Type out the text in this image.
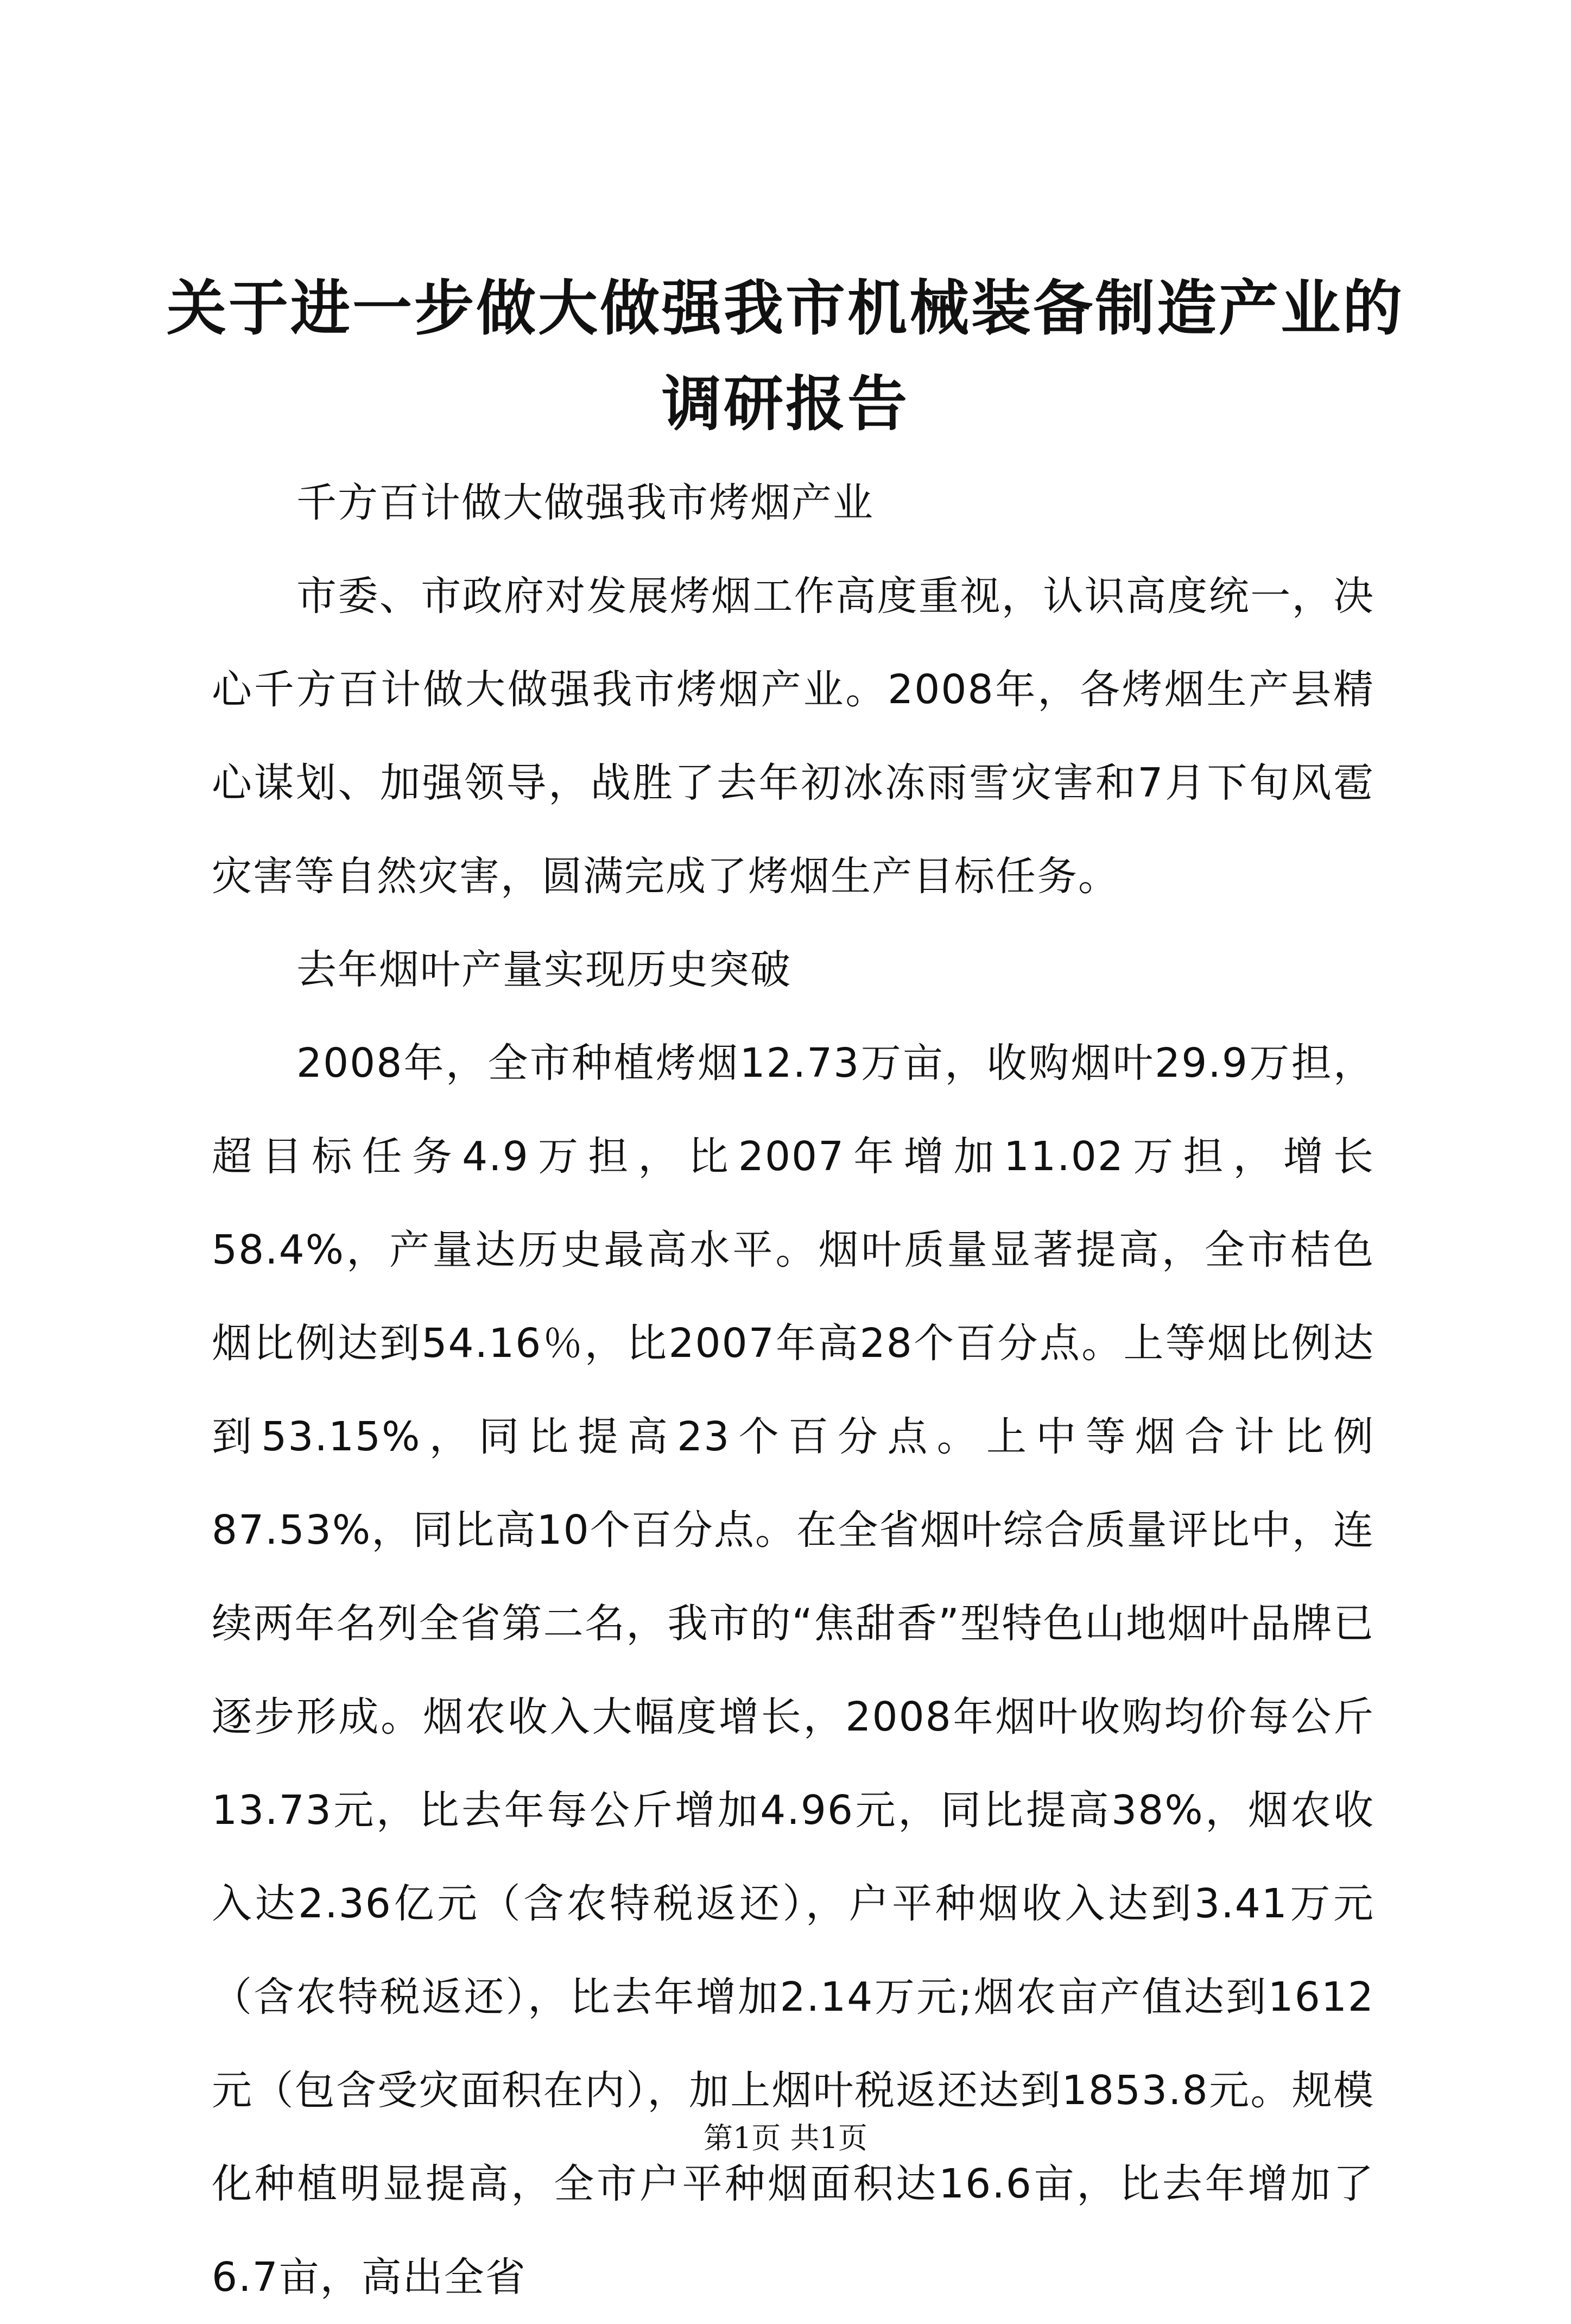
关于进一步做大做强我市机械装备制造产业的调研报告

千方百计做大做强我市烤烟产业

市委、市政府对发展烤烟工作高度重视，认识高度统一，决心千方百计做大做强我市烤烟产业。2008年，各烤烟生产县精心谋划、加强领导，战胜了去年初冰冻雨雪灾害和7月下旬风雹灾害等自然灾害，圆满完成了烤烟生产目标任务。

去年烟叶产量实现历史突破

2008年，全市种植烤烟12.73万亩，收购烟叶29.9万担，超目标任务4.9万担，比2007年增加11.02万担，增长58.4%，产量达历史最高水平。烟叶质量显著提高，全市桔色烟比例达到54.16％，比2007年高28个百分点。上等烟比例达到53.15%，同比提高23个百分点。上中等烟合计比例87.53%，同比高10个百分点。在全省烟叶综合质量评比中，连续两年名列全省第二名，我市的“焦甜香”型特色山地烟叶品牌已逐步形成。烟农收入大幅度增长，2008年烟叶收购均价每公斤13.73元，比去年每公斤增加4.96元，同比提高38%，烟农收入达2.36亿元（含农特税返还），户平种烟收入达到3.41万元（含农特税返还），比去年增加2.14万元;烟农亩产值达到1612元（包含受灾面积在内），加上烟叶税返还达到1853.8元。规模化种植明显提高，全市户平种烟面积达16.6亩，比去年增加了6.7亩，高出全省

第1页 共1页
